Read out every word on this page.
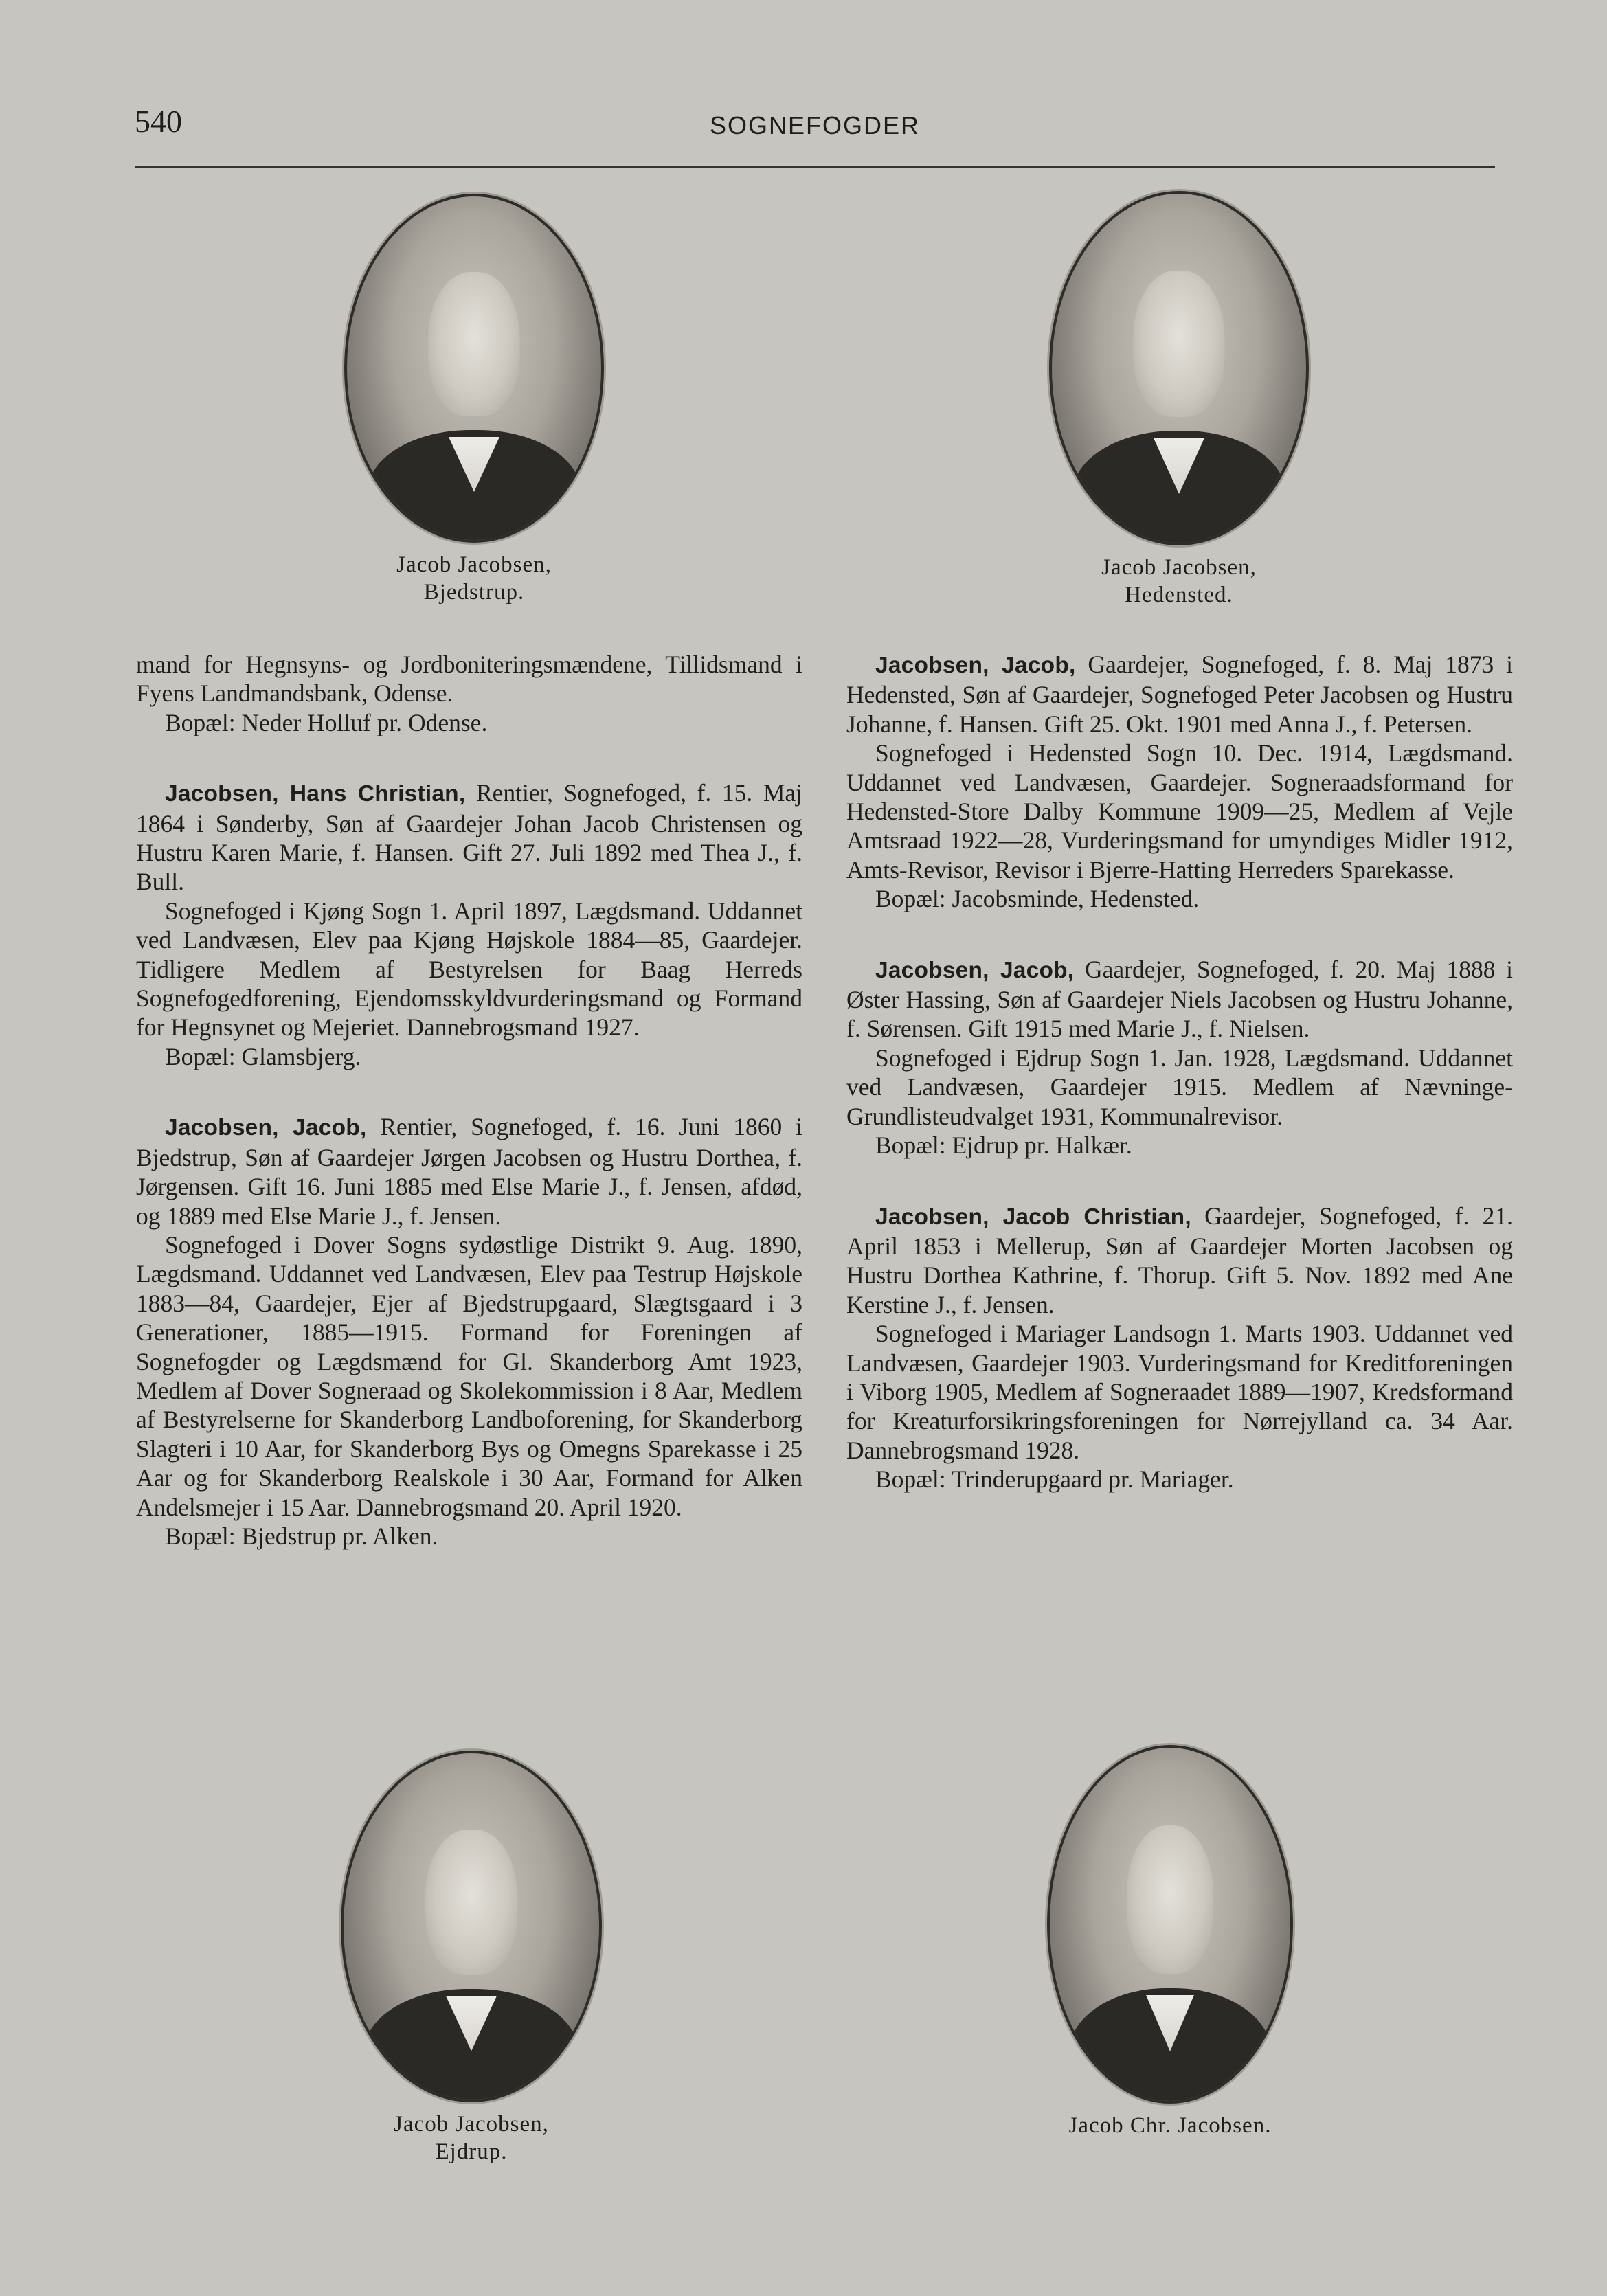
540	SOGNEFOGDER
Jacob Jacobsen,
Bjedstrup.
Jacob Jacobsen,
Hedensted.
Jacob Jacobsen,
Ejdrup.
Jacob Chr. Jacobsen.

mand for Hegnsyns- og Jordboniteringsmændene, Tillidsmand i Fyens Landmandsbank, Odense.

Bopæl: Neder Holluf pr. Odense.

Jacobsen, Hans Christian, Rentier, Sognefoged, f. 15. Maj 1864 i Sønderby, Søn af Gaardejer Johan Jacob Christensen og Hustru Karen Marie, f. Hansen. Gift 27. Juli 1892 med Thea J., f. Bull.

Sognefoged i Kjøng Sogn 1. April 1897, Lægdsmand. Uddannet ved Landvæsen, Elev paa Kjøng Højskole 1884—85, Gaardejer. Tidligere Medlem af Bestyrelsen for Baag Herreds Sognefogedforening, Ejendomsskyldvurderingsmand og Formand for Hegnsynet og Mejeriet. Dannebrogsmand 1927.

Bopæl: Glamsbjerg.

Jacobsen, Jacob, Rentier, Sognefoged, f. 16. Juni 1860 i Bjedstrup, Søn af Gaardejer Jørgen Jacobsen og Hustru Dorthea, f. Jørgensen. Gift 16. Juni 1885 med Else Marie J., f. Jensen, afdød, og 1889 med Else Marie J., f. Jensen.

Sognefoged i Dover Sogns sydøstlige Distrikt 9. Aug. 1890, Lægdsmand. Uddannet ved Landvæsen, Elev paa Testrup Højskole 1883—84, Gaardejer, Ejer af Bjedstrupgaard, Slægtsgaard i 3 Generationer, 1885—1915. Formand for Foreningen af Sognefogder og Lægdsmænd for Gl. Skanderborg Amt 1923, Medlem af Dover Sogneraad og Skolekommission i 8 Aar, Medlem af Bestyrelserne for Skanderborg Landboforening, for Skanderborg Slagteri i 10 Aar, for Skanderborg Bys og Omegns Sparekasse i 25 Aar og for Skanderborg Realskole i 30 Aar, Formand for Alken Andelsmejer i 15 Aar. Dannebrogsmand 20. April 1920.

Bopæl: Bjedstrup pr. Alken.

Jacobsen, Jacob, Gaardejer, Sognefoged, f. 8. Maj 1873 i Hedensted, Søn af Gaardejer, Sognefoged Peter Jacobsen og Hustru Johanne, f. Hansen. Gift 25. Okt. 1901 med Anna J., f. Petersen.

Sognefoged i Hedensted Sogn 10. Dec. 1914, Lægdsmand. Uddannet ved Landvæsen, Gaardejer. Sogneraadsformand for Hedensted-Store Dalby Kommune 1909—25, Medlem af Vejle Amtsraad 1922—28, Vurderingsmand for umyndiges Midler 1912, Amts-Revisor, Revisor i Bjerre-Hatting Herreders Sparekasse.

Bopæl: Jacobsminde, Hedensted.

Jacobsen, Jacob, Gaardejer, Sognefoged, f. 20. Maj 1888 i Øster Hassing, Søn af Gaardejer Niels Jacobsen og Hustru Johanne, f. Sørensen. Gift 1915 med Marie J., f. Nielsen.

Sognefoged i Ejdrup Sogn 1. Jan. 1928, Lægdsmand. Uddannet ved Landvæsen, Gaardejer 1915. Medlem af Nævninge-Grundlisteudvalget 1931, Kommunalrevisor.

Bopæl: Ejdrup pr. Halkær.

Jacobsen, Jacob Christian, Gaardejer, Sognefoged, f. 21. April 1853 i Mellerup, Søn af Gaardejer Morten Jacobsen og Hustru Dorthea Kathrine, f. Thorup. Gift 5. Nov. 1892 med Ane Kerstine J., f. Jensen.

Sognefoged i Mariager Landsogn 1. Marts 1903. Uddannet ved Landvæsen, Gaardejer 1903. Vurderingsmand for Kreditforeningen i Viborg 1905, Medlem af Sogneraadet 1889—1907, Kredsformand for Kreaturforsikringsforeningen for Nørrejylland ca. 34 Aar. Dannebrogsmand 1928.

Bopæl: Trinderupgaard pr. Mariager.
